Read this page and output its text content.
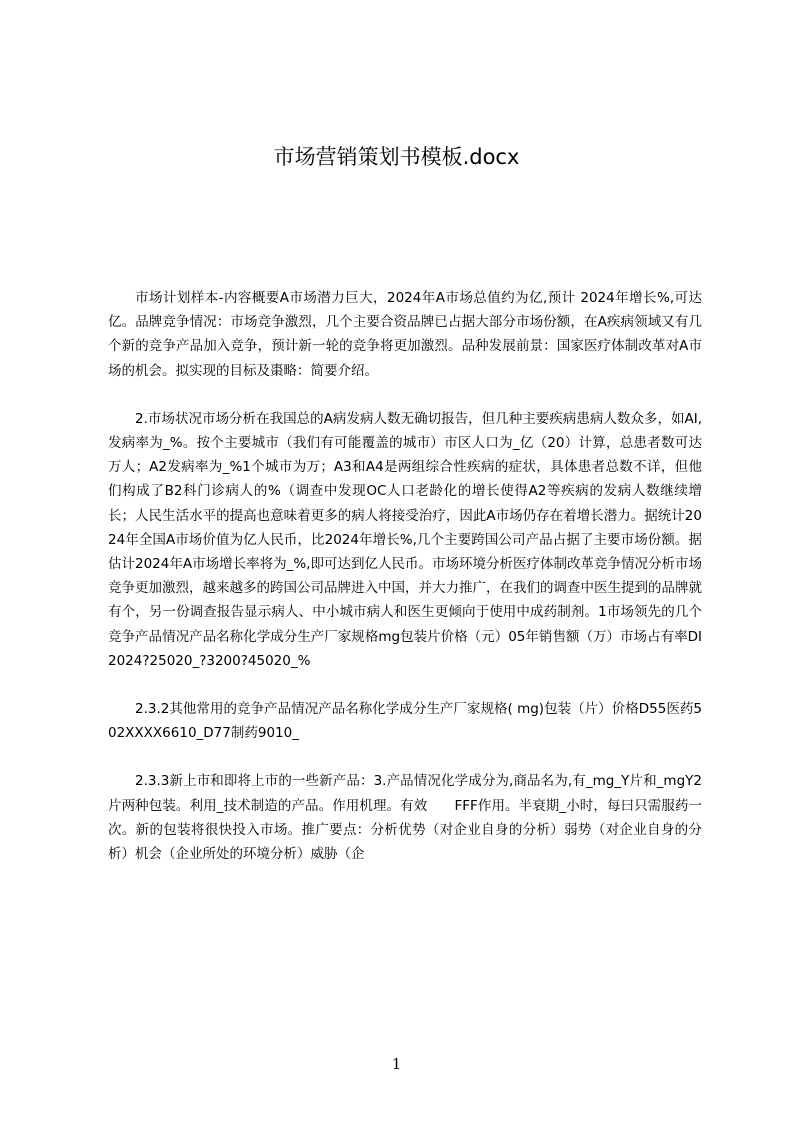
市场营销策划书模板.docx

市场计划样本-内容概要A市场潜力巨大，2024年A市场总值约为亿,预计 2024年增长%,可达亿。品牌竞争情况：市场竞争激烈，几个主要合资品牌已占据大部分市场份额，在A疾病领域又有几个新的竞争产品加入竞争，预计新一轮的竞争将更加激烈。品种发展前景：国家医疗体制改革对A市场的机会。拟实现的目标及棗略：简要介绍。

2.市场状况市场分析在我国总的A病发病人数无确切报告，但几种主要疾病患病人数众多，如AI,发病率为_%。按个主要城市（我们有可能覆盖的城市）市区人口为_亿（20）计算，总患者数可达万人；A2发病率为_%1个城市为万；A3和A4是两组综合性疾病的症状，具体患者总数不详，但他们构成了B2科门诊病人的%（调查中发现OC人口老龄化的增长使得A2等疾病的发病人数继续增长；人民生活水平的提高也意味着更多的病人将接受治疗，因此A市场仍存在着增长潜力。据统计2024年全国A市场价值为亿人民币，比2024年增长%,几个主要跨国公司产品占据了主要市场份额。据估计2024年A市场增长率将为_%,即可达到亿人民币。市场环境分析医疗体制改革竞争情况分析市场竞争更加激烈，越来越多的跨国公司品牌进入中国，并大力推广，在我们的调查中医生提到的品牌就有个，另一份调查报告显示病人、中小城市病人和医生更倾向于使用中成药制剂。1市场领先的几个竞争产品情况产品名称化学成分生产厂家规格mg包装片价格（元）05年销售额（万）市场占有率DI2024?25020_?3200?45020_%

2.3.2其他常用的竞争产品情况产品名称化学成分生产厂家规格( mg)包装（片）价格D55医药502XXXX6610_D77制药9010_

2.3.3新上市和即将上市的一些新产品：3.产品情况化学成分为,商品名为,有_mg_Y片和_mgY2片两种包装。利用_技术制造的产品。作用机理。有效　　FFF作用。半衰期_小时，每曰只需服药一次。新的包装将很快投入市场。推广要点：分析优势（对企业自身的分析）弱势（对企业自身的分析）机会（企业所处的环境分析）威胁（企

1
